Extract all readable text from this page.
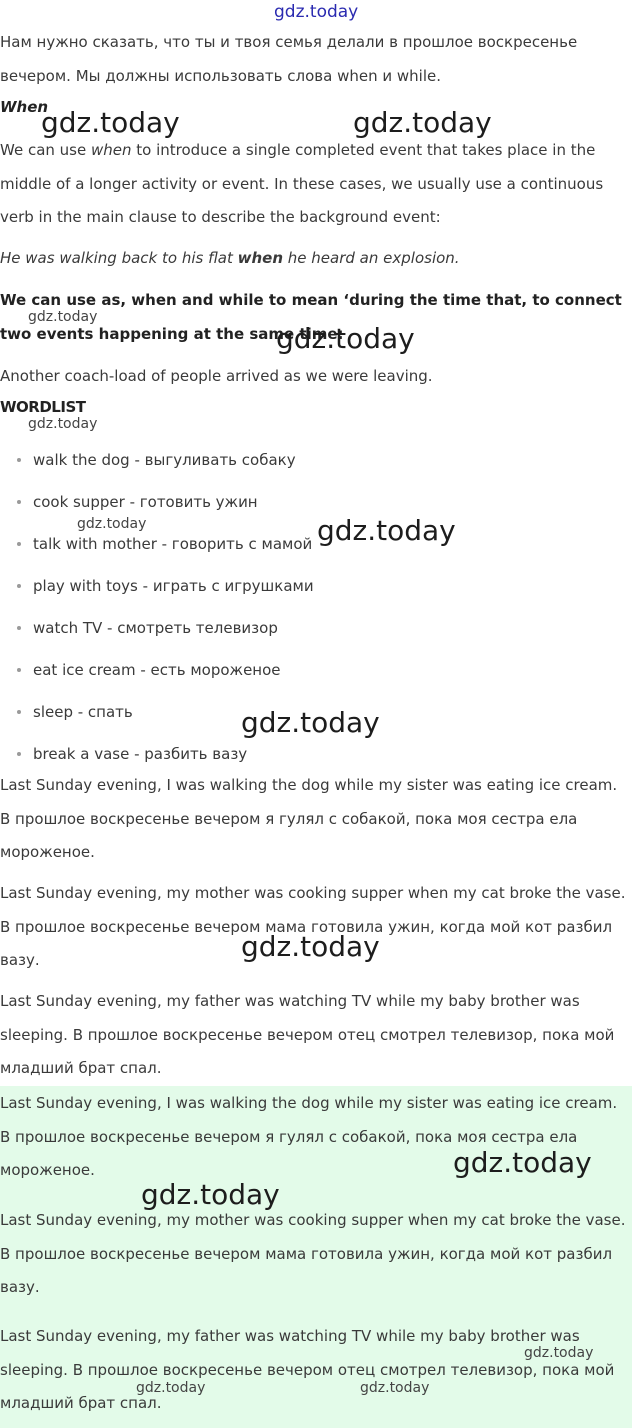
Нам нужно сказать, что ты и твоя семья делали в прошлое воскресенье вечером. Мы должны использовать слова when и while.

When

We can use when to introduce a single completed event that takes place in the middle of a longer activity or event. In these cases, we usually use a continuous verb in the main clause to describe the background event:

He was walking back to his flat when he heard an explosion.

We can use as, when and while to mean ‘during the time that, to connect two events happening at the same time:

Another coach-load of people arrived as we were leaving.

WORDLIST
walk the dog - выгуливать собаку
cook supper - готовить ужин
talk with mother - говорить с мамой
play with toys - играть с игрушками
watch TV - смотреть телевизор
eat ice cream - есть мороженое
sleep - спать
break a vase - разбить вазу

Last Sunday evening, I was walking the dog while my sister was eating ice cream. В прошлое воскресенье вечером я гулял с собакой, пока моя сестра ела мороженое.

Last Sunday evening, my mother was cooking supper when my cat broke the vase. В прошлое воскресенье вечером мама готовила ужин, когда мой кот разбил вазу.

Last Sunday evening, my father was watching TV while my baby brother was sleeping. В прошлое воскресенье вечером отец смотрел телевизор, пока мой младший брат спал.

Last Sunday evening, I was walking the dog while my sister was eating ice cream. В прошлое воскресенье вечером я гулял с собакой, пока моя сестра ела мороженое.

Last Sunday evening, my mother was cooking supper when my cat broke the vase. В прошлое воскресенье вечером мама готовила ужин, когда мой кот разбил вазу.

Last Sunday evening, my father was watching TV while my baby brother was sleeping. В прошлое воскресенье вечером отец смотрел телевизор, пока мой младший брат спал.

gdz.today
gdz.today	gdz.today
gdz.today
gdz.today
gdz.today
gdz.today	gdz.today
gdz.today
gdz.today
gdz.today
gdz.today
gdz.today
gdz.today	gdz.today
